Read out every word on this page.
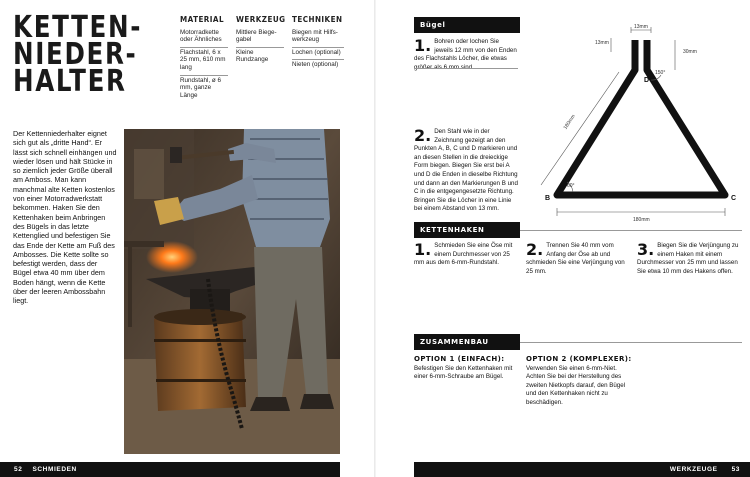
KETTEN-
NIEDER-
HALTER
MATERIAL
Motorradkette oder Ähnliches
Flachstahl, 6 x 25 mm, 610 mm lang
Rundstahl, ø 6 mm, ganze Länge
WERKZEUG
Mittlere Biegegabel
Kleine Rundzange
TECHNIKEN
Biegen mit Hilfswerkzeug
Lochen (optional)
Nieten (optional)
Der Kettenniederhalter eignet sich gut als „dritte Hand“. Er lässt sich schnell einhängen und wieder lösen und hält Stücke in so ziemlich jeder Größe überall am Amboss. Man kann manchmal alte Ketten kostenlos von einer Motorradwerkstatt bekommen. Haken Sie den Kettenhaken beim Anbringen des Bügels in das letzte Kettenglied und befestigen Sie das Ende der Kette am Fuß des Ambosses. Die Kette sollte so befestigt werden, dass der Bügel etwa 40 mm über dem Boden hängt, wenn die Kette über der leeren Ambossbahn liegt.
52 SCHMIEDEN
Bügel
1. Bohren oder lochen Sie jeweils 12 mm von den Enden des Flachstahls Löcher, die etwas
2. Den Stahl wie in der Zeichnung gezeigt an den Punkten A, B, C und D markieren und an diesen Stellen in die dreieckige Form biegen. Biegen Sie erst bei A und D die Enden in dieselbe Richtung und dann an den Markierungen B und C in die entgegengesetzte Richtung. Bringen Sie die Löcher in eine Linie bei einem Abstand von 13 mm.
13mm
13mm
30mm
180mm
180mm
150°
60°
A D
B	C
KETTENHAKEN
1. Schmieden Sie eine Öse mit einem Durchmesser von 25 mm aus dem 6-mm-Rundstahl.
2. Trennen Sie 40 mm vom Anfang der Öse ab und schmieden Sie eine Verjüngung von 25 mm.
3. Biegen Sie die Verjüngung zu einem Haken mit einem Durchmesser von 25 mm und lassen Sie etwa 10 mm des Hakens offen.
ZUSAMMENBAU
OPTION 1 (EINFACH):
Befestigen Sie den Kettenhaken mit einer 6-mm-Schraube am Bügel.
OPTION 2 (KOMPLEXER):
Verwenden Sie einen 6-mm-Niet. Achten Sie bei der Herstellung des zweiten Nietkopfs darauf, den Bügel und den Kettenhaken nicht zu beschädigen.
WERKZEUGE 53
